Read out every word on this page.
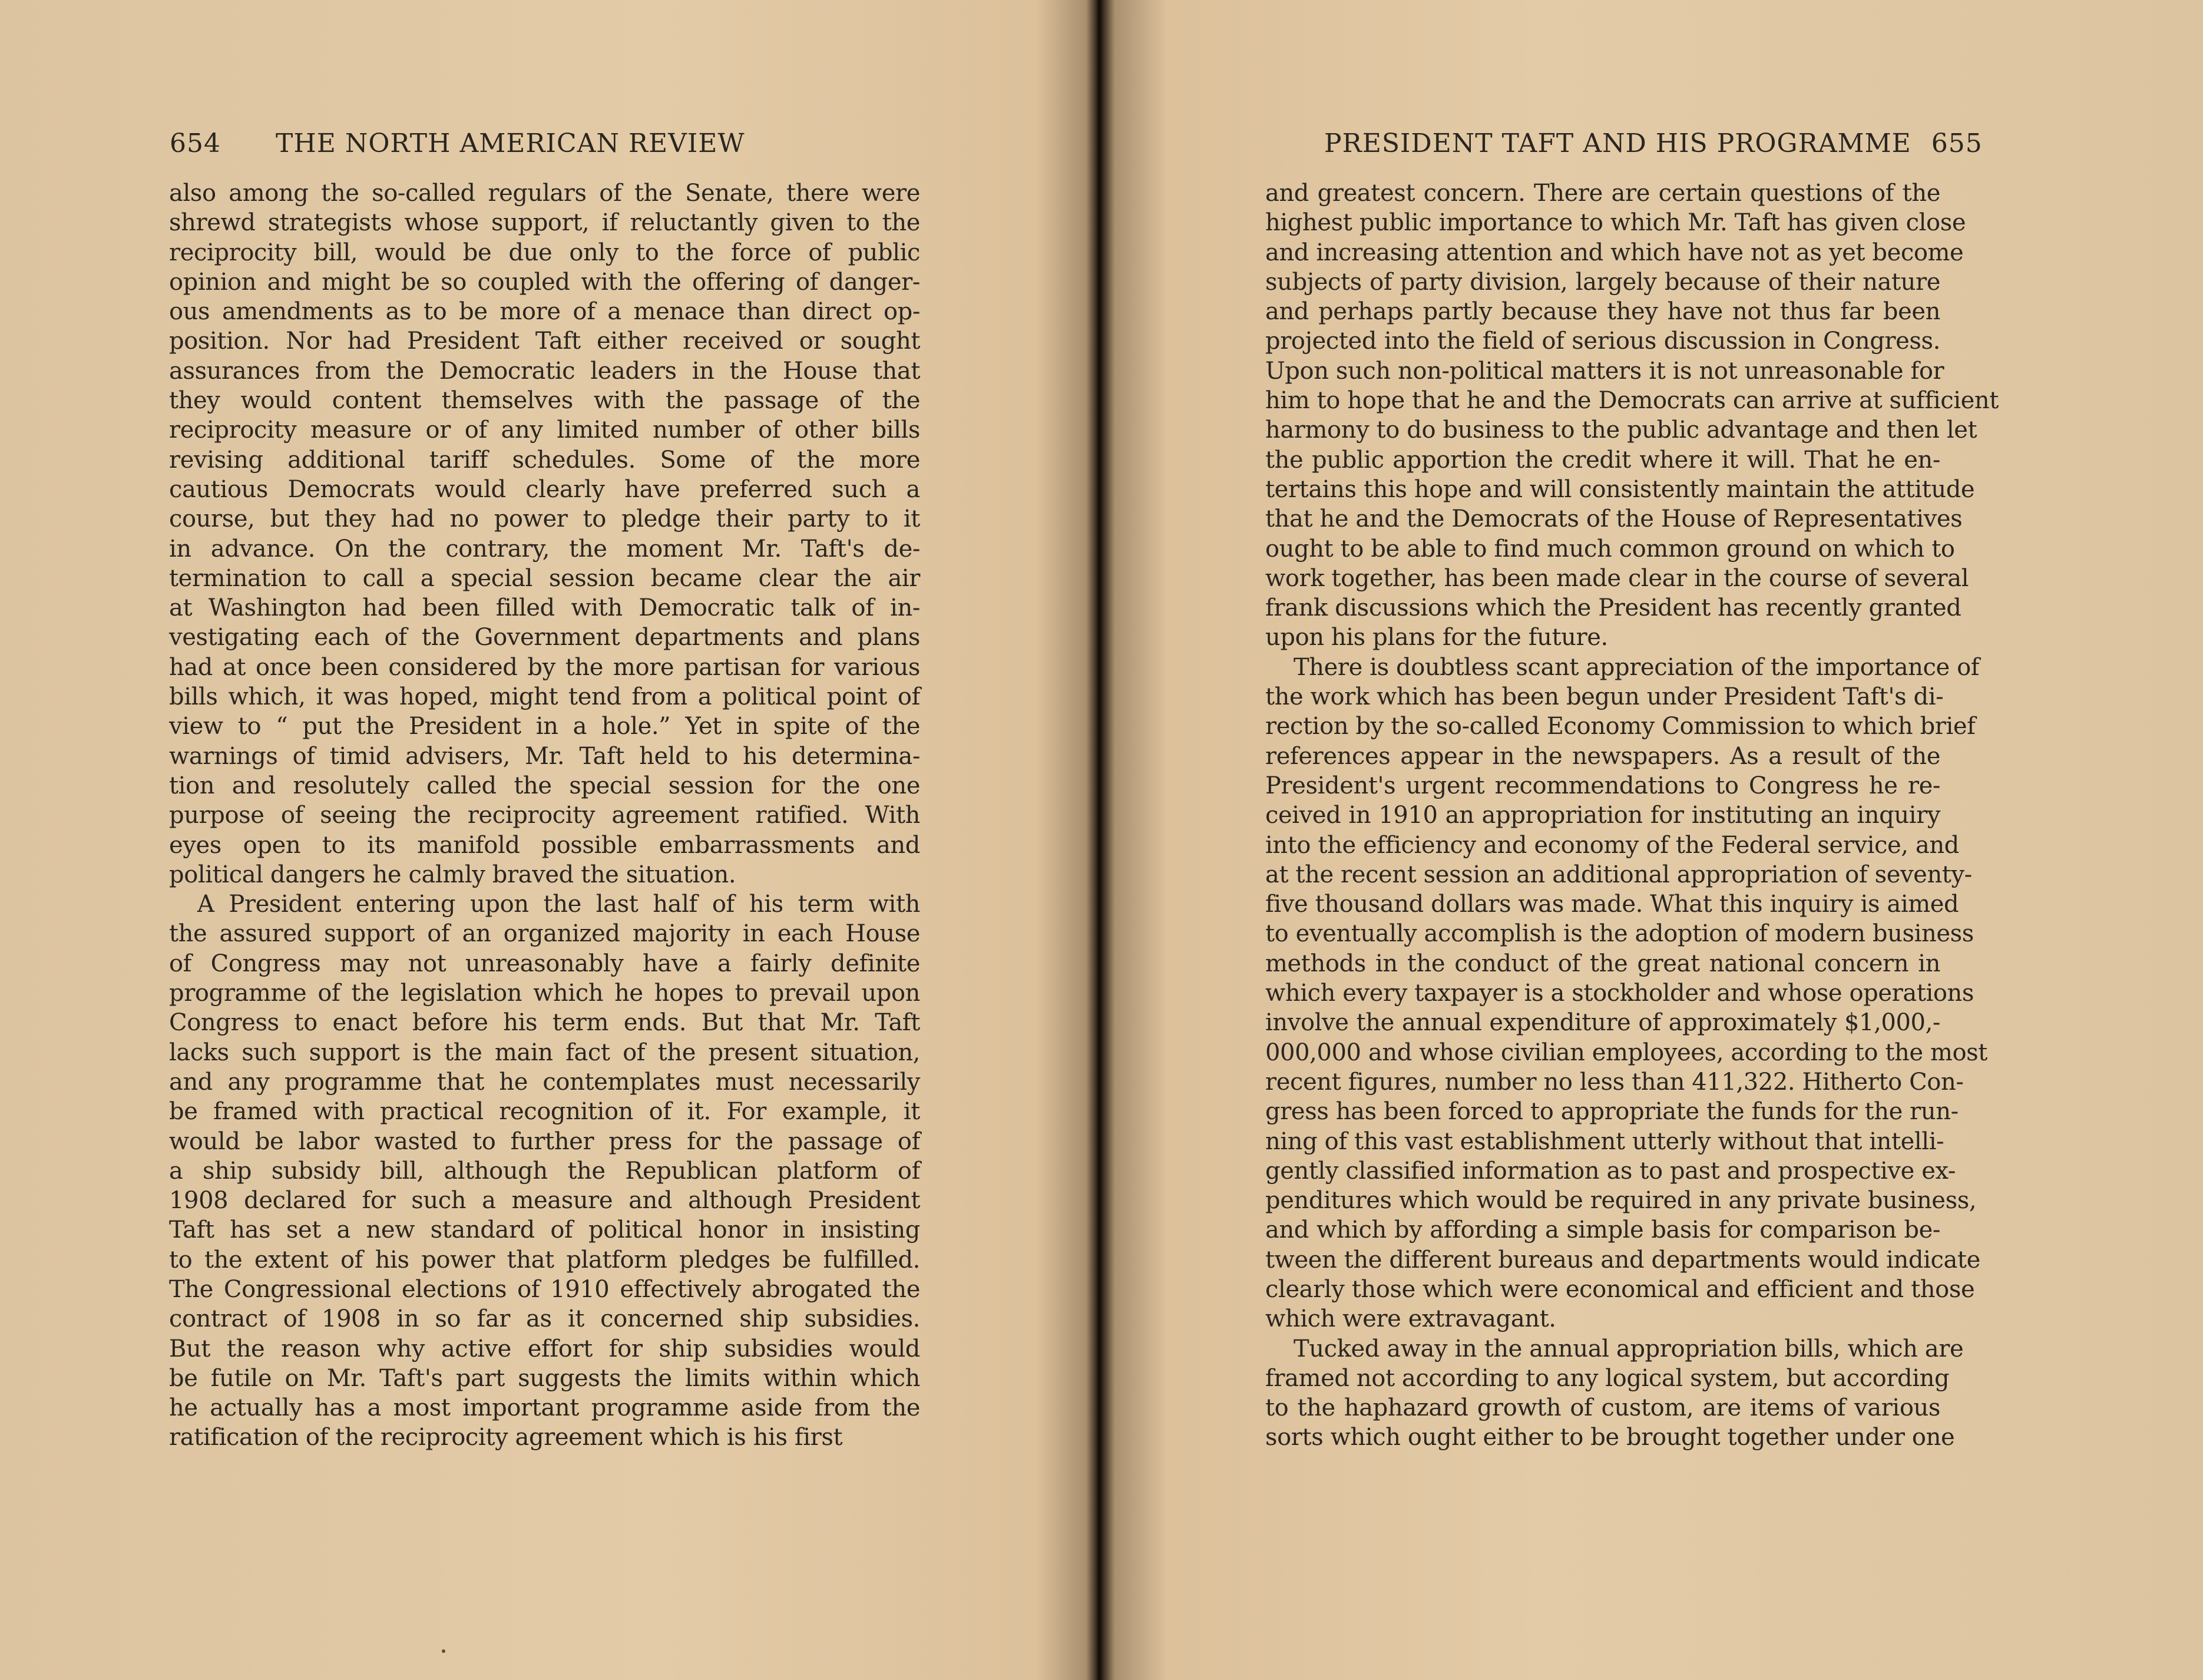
654 THE NORTH AMERICAN REVIEW
also among the so-called regulars of the Senate, there were
shrewd strategists whose support, if reluctantly given to the
reciprocity bill, would be due only to the force of public
opinion and might be so coupled with the offering of danger-
ous amendments as to be more of a menace than direct op-
position. Nor had President Taft either received or sought
assurances from the Democratic leaders in the House that
they would content themselves with the passage of the
reciprocity measure or of any limited number of other bills
revising additional tariff schedules. Some of the more
cautious Democrats would clearly have preferred such a
course, but they had no power to pledge their party to it
in advance. On the contrary, the moment Mr. Taft's de-
termination to call a special session became clear the air
at Washington had been filled with Democratic talk of in-
vestigating each of the Government departments and plans
had at once been considered by the more partisan for various
bills which, it was hoped, might tend from a political point of
view to “ put the President in a hole.” Yet in spite of the
warnings of timid advisers, Mr. Taft held to his determina-
tion and resolutely called the special session for the one
purpose of seeing the reciprocity agreement ratified. With
eyes open to its manifold possible embarrassments and
political dangers he calmly braved the situation.
A President entering upon the last half of his term with
the assured support of an organized majority in each House
of Congress may not unreasonably have a fairly definite
programme of the legislation which he hopes to prevail upon
Congress to enact before his term ends. But that Mr. Taft
lacks such support is the main fact of the present situation,
and any programme that he contemplates must necessarily
be framed with practical recognition of it. For example, it
would be labor wasted to further press for the passage of
a ship subsidy bill, although the Republican platform of
1908 declared for such a measure and although President
Taft has set a new standard of political honor in insisting
to the extent of his power that platform pledges be fulfilled.
The Congressional elections of 1910 effectively abrogated the
contract of 1908 in so far as it concerned ship subsidies.
But the reason why active effort for ship subsidies would
be futile on Mr. Taft's part suggests the limits within which
he actually has a most important programme aside from the
ratification of the reciprocity agreement which is his first
PRESIDENT TAFT AND HIS PROGRAMME 655
and greatest concern. There are certain questions of the
highest public importance to which Mr. Taft has given close
and increasing attention and which have not as yet become
subjects of party division, largely because of their nature
and perhaps partly because they have not thus far been
projected into the field of serious discussion in Congress.
Upon such non-political matters it is not unreasonable for
him to hope that he and the Democrats can arrive at sufficient
harmony to do business to the public advantage and then let
the public apportion the credit where it will. That he en-
tertains this hope and will consistently maintain the attitude
that he and the Democrats of the House of Representatives
ought to be able to find much common ground on which to
work together, has been made clear in the course of several
frank discussions which the President has recently granted
upon his plans for the future.
There is doubtless scant appreciation of the importance of
the work which has been begun under President Taft's di-
rection by the so-called Economy Commission to which brief
references appear in the newspapers. As a result of the
President's urgent recommendations to Congress he re-
ceived in 1910 an appropriation for instituting an inquiry
into the efficiency and economy of the Federal service, and
at the recent session an additional appropriation of seventy-
five thousand dollars was made. What this inquiry is aimed
to eventually accomplish is the adoption of modern business
methods in the conduct of the great national concern in
which every taxpayer is a stockholder and whose operations
involve the annual expenditure of approximately $1,000,-
000,000 and whose civilian employees, according to the most
recent figures, number no less than 411,322. Hitherto Con-
gress has been forced to appropriate the funds for the run-
ning of this vast establishment utterly without that intelli-
gently classified information as to past and prospective ex-
penditures which would be required in any private business,
and which by affording a simple basis for comparison be-
tween the different bureaus and departments would indicate
clearly those which were economical and efficient and those
which were extravagant.
Tucked away in the annual appropriation bills, which are
framed not according to any logical system, but according
to the haphazard growth of custom, are items of various
sorts which ought either to be brought together under one
